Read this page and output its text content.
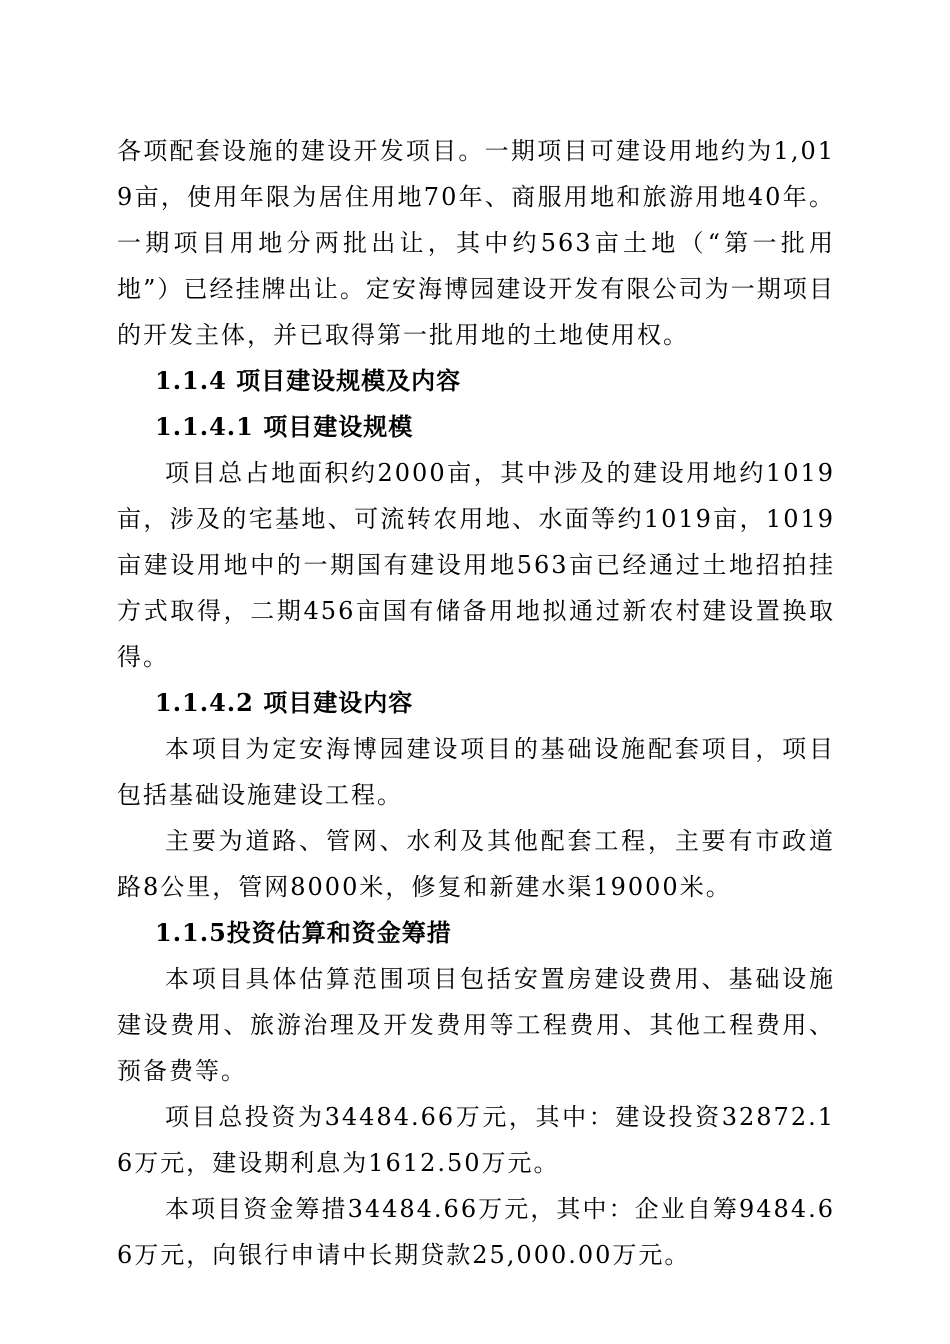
各项配套设施的建设开发项目。一期项目可建设用地约为1,019亩，使用年限为居住用地70年、商服用地和旅游用地40年。一期项目用地分两批出让，其中约563亩土地（“第一批用地”）已经挂牌出让。定安海博园建设开发有限公司为一期项目的开发主体，并已取得第一批用地的土地使用权。

1.1.4 项目建设规模及内容

1.1.4.1 项目建设规模

项目总占地面积约2000亩，其中涉及的建设用地约1019亩，涉及的宅基地、可流转农用地、水面等约1019亩，1019亩建设用地中的一期国有建设用地563亩已经通过土地招拍挂方式取得，二期456亩国有储备用地拟通过新农村建设置换取得。

1.1.4.2 项目建设内容

本项目为定安海博园建设项目的基础设施配套项目，项目包括基础设施建设工程。

主要为道路、管网、水利及其他配套工程，主要有市政道路8公里，管网8000米，修复和新建水渠19000米。

1.1.5投资估算和资金筹措

本项目具体估算范围项目包括安置房建设费用、基础设施建设费用、旅游治理及开发费用等工程费用、其他工程费用、预备费等。

项目总投资为34484.66万元，其中：建设投资32872.16万元，建设期利息为1612.50万元。

本项目资金筹措34484.66万元，其中：企业自筹9484.66万元，向银行申请中长期贷款25,000.00万元。
